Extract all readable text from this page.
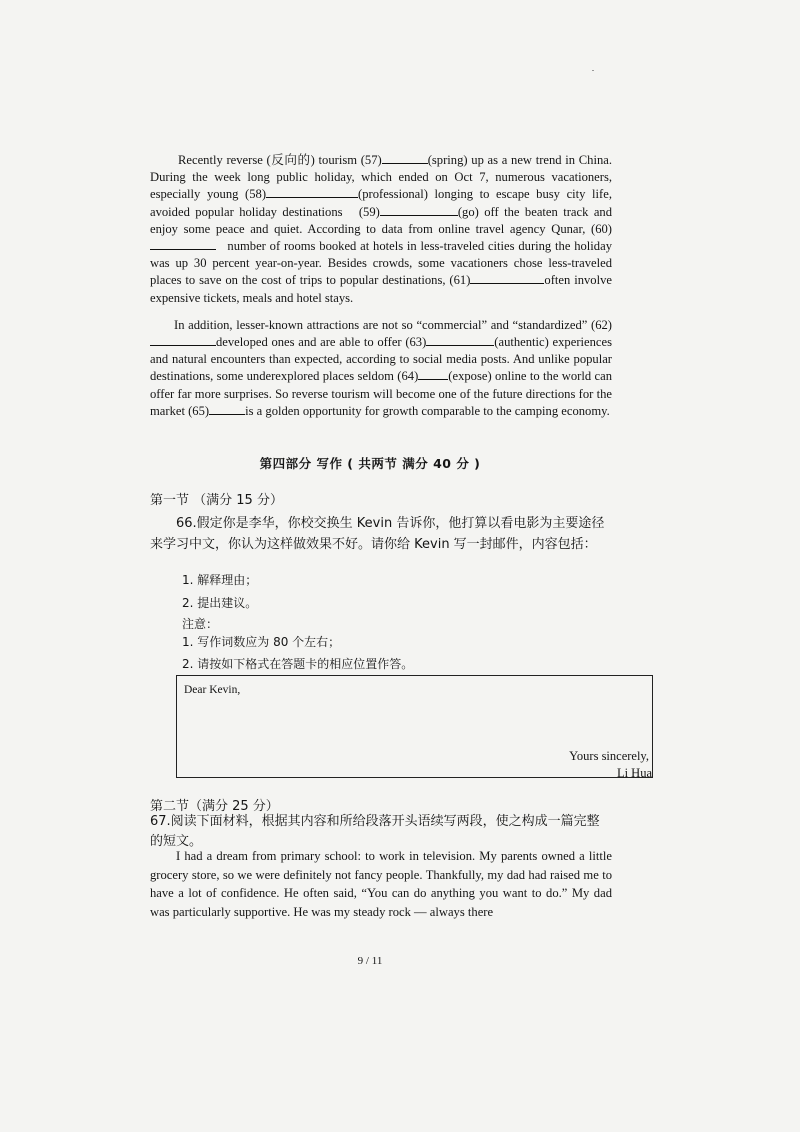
Recently reverse (反向的) tourism (57)	(spring) up as a new trend in China. During the week long public holiday, which ended on Oct 7, numerous vacationers, especially young (58)	(professional) longing to escape busy city life, avoided popular holiday destinations   (59)	(go) off the beaten track and enjoy some peace and quiet. According to data from online travel agency Qunar, (60)   number of rooms booked at hotels in less-traveled cities during the holiday was up 30 percent year-on-year. Besides crowds, some vacationers chose less-traveled places to save on the cost of trips to popular destinations, (61)	often involve expensive tickets, meals and hotel stays.

In addition, lesser-known attractions are not so “commercial” and “standardized” (62)developed ones and are able to offer (63)	(authentic) experiences and natural encounters than expected, according to social media posts. And unlike popular destinations, some underexplored places seldom (64) (expose) online to the world can offer far more surprises. So reverse tourism will become one of the future directions for the market (65)	is a golden opportunity for growth comparable to the camping economy.

第四部分 写作 ( 共两节 满分 40 分 )
第一节 （满分 15 分）
66.假定你是李华，你校交换生 Kevin 告诉你，他打算以看电影为主要途径来学习中文，你认为这样做效果不好。请你给 Kevin 写一封邮件，内容包括：
1. 解释理由；
2. 提出建议。
注意：
1. 写作词数应为 80 个左右；
2. 请按如下格式在答题卡的相应位置作答。
Dear Kevin,
Yours sincerely,
Li Hua
第二节（满分 25 分）
67.阅读下面材料，根据其内容和所给段落开头语续写两段，使之构成一篇完整的短文。
I had a dream from primary school: to work in television. My parents owned a little grocery store, so we were definitely not fancy people. Thankfully, my dad had raised me to have a lot of confidence. He often said, “You can do anything you want to do.” My dad was particularly supportive. He was my steady rock — always there
9 / 11
